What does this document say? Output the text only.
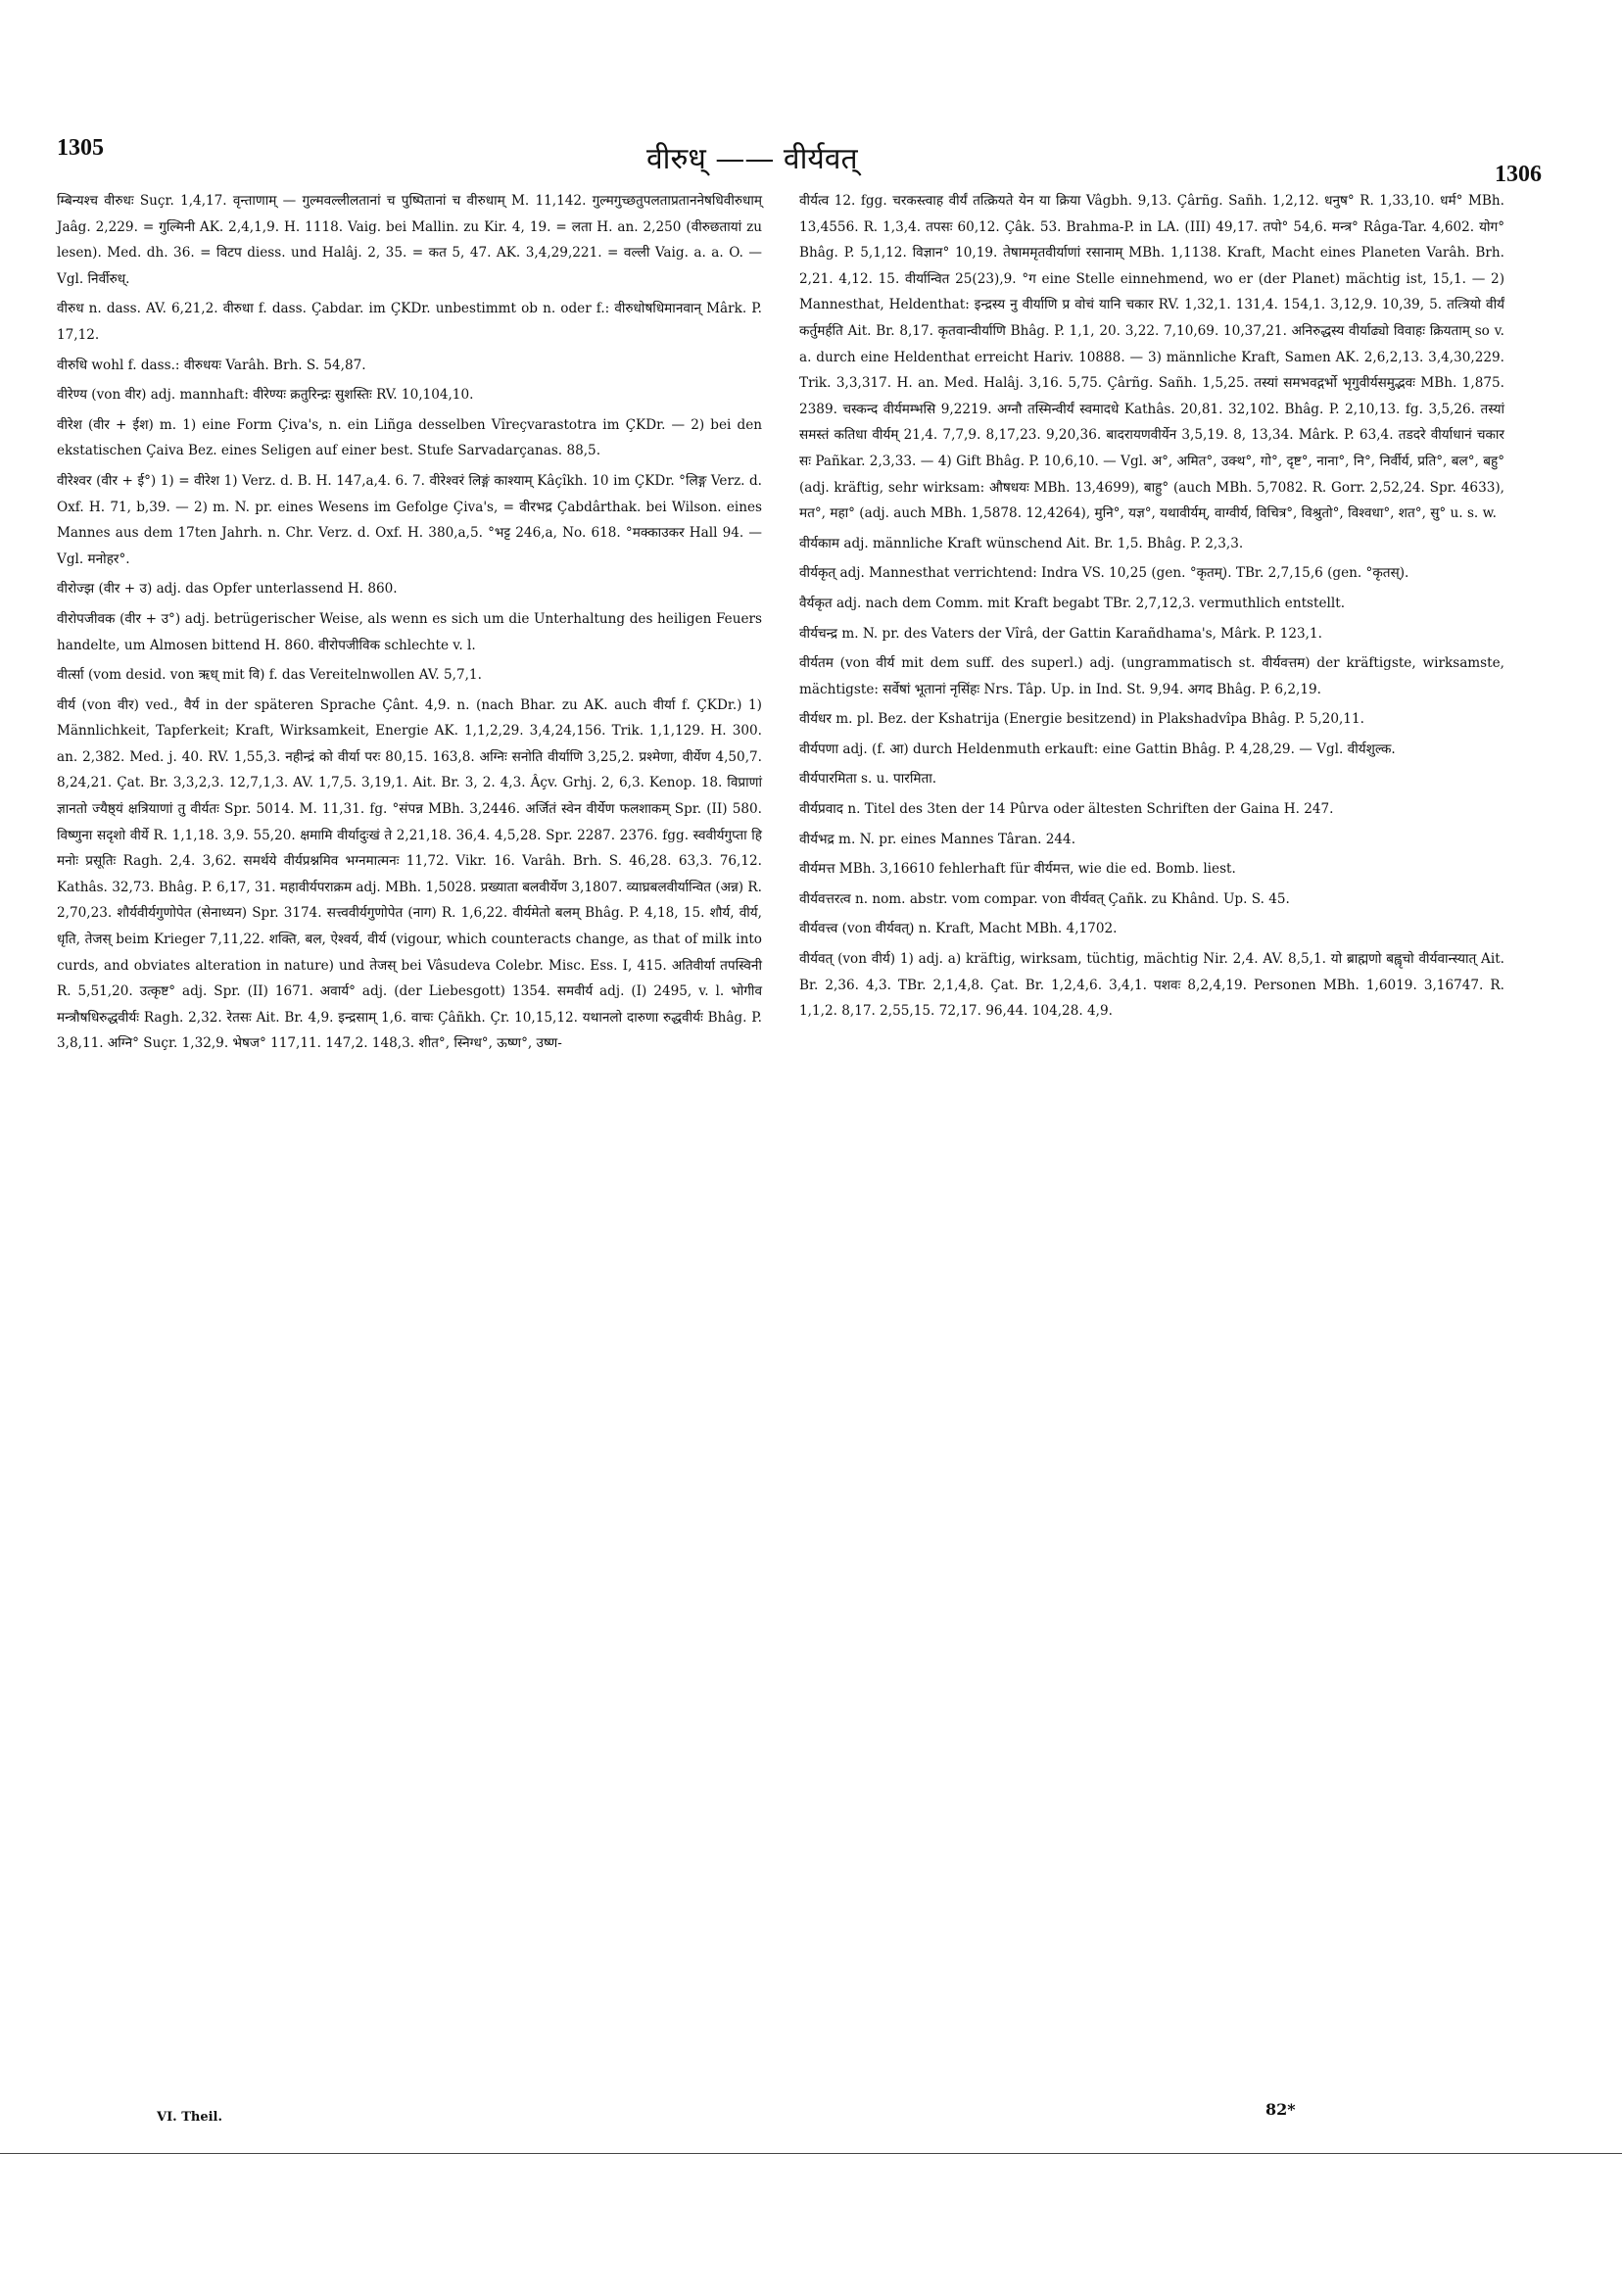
1305	वीरुध् —— वीर्यवत्	1306

म्बिन्यश्च वीरुधः Suçr. 1,4,17. वृन्ताणाम् — गुल्मवल्लीलतानां च पुष्पितानां च वीरुधाम् M. 11,142. गुल्मगुच्छतुपलताप्रताननेषधिवीरुधाम् Jaâg. 2,229. = गुल्मिनी AK. 2,4,1,9. H. 1118. Vaig. bei Mallin. zu Kir. 4, 19. = लता H. an. 2,250 (वीरुछतायां zu lesen). Med. dh. 36. = विटप diess. und Halâj. 2, 35. = कत 5, 47. AK. 3,4,29,221. = वल्ली Vaig. a. a. O. — Vgl. निर्वीरुध्.

वीरुध n. dass. AV. 6,21,2. वीरुधा f. dass. Çabdar. im ÇKDr. unbestimmt ob n. oder f.: वीरुधोषधिमानवान् Mârk. P. 17,12.

वीरुधि wohl f. dass.: वीरुधयः Varâh. Brh. S. 54,87.

वीरेण्य (von वीर) adj. mannhaft: वीरेण्यः क्रतुरिन्द्रः सुशस्तिः RV. 10,104,10.

वीरेश (वीर + ईश) m. 1) eine Form Çiva's, n. ein Liñga desselben Vîreçvarastotra im ÇKDr. — 2) bei den ekstatischen Çaiva Bez. eines Seligen auf einer best. Stufe Sarvadarçanas. 88,5.

वीरेश्वर (वीर + ई°) 1) = वीरेश 1) Verz. d. B. H. 147,a,4. 6. 7. वीरेश्वरं लिङ्गं काश्याम् Kâçîkh. 10 im ÇKDr. °लिङ्ग Verz. d. Oxf. H. 71, b,39. — 2) m. N. pr. eines Wesens im Gefolge Çiva's, = वीरभद्र Çabdârthak. bei Wilson. eines Mannes aus dem 17ten Jahrh. n. Chr. Verz. d. Oxf. H. 380,a,5. °भट्ट 246,a, No. 618. °मक्काउकर Hall 94. — Vgl. मनोहर°.

वीरोज्झ (वीर + उ) adj. das Opfer unterlassend H. 860.

वीरोपजीवक (वीर + उ°) adj. betrügerischer Weise, als wenn es sich um die Unterhaltung des heiligen Feuers handelte, um Almosen bittend H. 860. वीरोपजीविक schlechte v. l.

वीर्त्सा (vom desid. von ऋध् mit वि) f. das Vereitelnwollen AV. 5,7,1.

वीर्य (von वीर) ved., वैर्य in der späteren Sprache Çânt. 4,9. n. (nach Bhar. zu AK. auch वीर्या f. ÇKDr.) 1) Männlichkeit, Tapferkeit; Kraft, Wirksamkeit, Energie AK. 1,1,2,29. 3,4,24,156. Trik. 1,1,129. H. 300. an. 2,382. Med. j. 40. RV. 1,55,3. नहीन्द्रं को वीर्या परः 80,15. 163,8. अग्निः सनोति वीर्याणि 3,25,2. प्रश्मेणा, वीर्येण 4,50,7. 8,24,21. Çat. Br. 3,3,2,3. 12,7,1,3. AV. 1,7,5. 3,19,1. Ait. Br. 3, 2. 4,3. Âçv. Grhj. 2, 6,3. Kenop. 18. विप्राणां ज्ञानतो ज्यैष्ठ्यं क्षत्रियाणां तु वीर्यतः Spr. 5014. M. 11,31. fg. °संपन्न MBh. 3,2446. अर्जितं स्वेन वीर्येण फलशाकम् Spr. (II) 580. विष्णुना सदृशो वीर्ये R. 1,1,18. 3,9. 55,20. क्षमामि वीर्यादुःखं ते 2,21,18. 36,4. 4,5,28. Spr. 2287. 2376. fgg. स्ववीर्यगुप्ता हि मनोः प्रसूतिः Ragh. 2,4. 3,62. समर्थये वीर्यप्रश्नमिव भग्नमात्मनः 11,72. Vikr. 16. Varâh. Brh. S. 46,28. 63,3. 76,12. Kathâs. 32,73. Bhâg. P. 6,17, 31. महावीर्यपराक्रम adj. MBh. 1,5028. प्रख्याता बलवीर्येण 3,1807. व्याघ्रबलवीर्यान्वित (अन्न) R. 2,70,23. शौर्यवीर्यगुणोपेत (सेनाध्यन) Spr. 3174. सत्त्ववीर्यगुणोपेत (नाग) R. 1,6,22. वीर्यमेतो बलम् Bhâg. P. 4,18, 15. शौर्य, वीर्य, धृति, तेजस् beim Krieger 7,11,22. शक्ति, बल, ऐश्वर्य, वीर्य (vigour, which counteracts change, as that of milk into curds, and obviates alteration in nature) und तेजस् bei Vâsudeva Colebr. Misc. Ess. I, 415. अतिवीर्या तपस्विनी R. 5,51,20. उत्कृष्ट° adj. Spr. (II) 1671. अवार्य° adj. (der Liebesgott) 1354. समवीर्य adj. (I) 2495, v. l. भोगीव मन्त्रौषधिरुद्धवीर्यः Ragh. 2,32. रेतसः Ait. Br. 4,9. इन्द्रसाम् 1,6. वाचः Çâñkh. Çr. 10,15,12. यथानलो दारुणा रुद्धवीर्यः Bhâg. P. 3,8,11. अग्नि° Suçr. 1,32,9. भेषज° 117,11. 147,2. 148,3. शीत°, स्निग्ध°, ऊष्ण°, उष्ण-

वीर्यत्व 12. fgg. चरकस्त्वाह वीर्यं तत्क्रियते येन या क्रिया Vâgbh. 9,13. Çârñg. Sañh. 1,2,12. धनुष° R. 1,33,10. धर्म° MBh. 13,4556. R. 1,3,4. तपसः 60,12. Çâk. 53. Brahma-P. in LA. (III) 49,17. तपो° 54,6. मन्त्र° Râga-Tar. 4,602. योग° Bhâg. P. 5,1,12. विज्ञान° 10,19. तेषाममृतवीर्याणां रसानाम् MBh. 1,1138. Kraft, Macht eines Planeten Varâh. Brh. 2,21. 4,12. 15. वीर्यान्वित 25(23),9. °ग eine Stelle einnehmend, wo er (der Planet) mächtig ist, 15,1. — 2) Mannesthat, Heldenthat: इन्द्रस्य नु वीर्याणि प्र वोचं यानि चकार RV. 1,32,1. 131,4. 154,1. 3,12,9. 10,39, 5. तत्त्रियो वीर्यं कर्तुमर्हति Ait. Br. 8,17. कृतवान्वीर्याणि Bhâg. P. 1,1, 20. 3,22. 7,10,69. 10,37,21. अनिरुद्धस्य वीर्याढ्यो विवाहः क्रियताम् so v. a. durch eine Heldenthat erreicht Hariv. 10888. — 3) männliche Kraft, Samen AK. 2,6,2,13. 3,4,30,229. Trik. 3,3,317. H. an. Med. Halâj. 3,16. 5,75. Çârñg. Sañh. 1,5,25. तस्यां समभवद्गर्भो भृगुवीर्यसमुद्भवः MBh. 1,875. 2389. चस्कन्द वीर्यमम्भसि 9,2219. अग्नौ तस्मिन्वीर्यं स्वमादधे Kathâs. 20,81. 32,102. Bhâg. P. 2,10,13. fg. 3,5,26. तस्यां समस्तं कतिधा वीर्यम् 21,4. 7,7,9. 8,17,23. 9,20,36. बादरायणवीर्येन 3,5,19. 8, 13,34. Mârk. P. 63,4. तडदरे वीर्याधानं चकार सः Pañkar. 2,3,33. — 4) Gift Bhâg. P. 10,6,10. — Vgl. अ°, अमित°, उक्थ°, गो°, दृष्ट°, नाना°, नि°, निर्वीर्य, प्रति°, बल°, बहु° (adj. kräftig, sehr wirksam: औषधयः MBh. 13,4699), बाहु° (auch MBh. 5,7082. R. Gorr. 2,52,24. Spr. 4633), मत°, महा° (adj. auch MBh. 1,5878. 12,4264), मुनि°, यज्ञ°, यथावीर्यम्, वाग्वीर्य, विचित्र°, विश्रुतो°, विश्वधा°, शत°, सु° u. s. w.

वीर्यकाम adj. männliche Kraft wünschend Ait. Br. 1,5. Bhâg. P. 2,3,3.

वीर्यकृत् adj. Mannesthat verrichtend: Indra VS. 10,25 (gen. °कृतम्). TBr. 2,7,15,6 (gen. °कृतस्).

वैर्यकृत adj. nach dem Comm. mit Kraft begabt TBr. 2,7,12,3. vermuthlich entstellt.

वीर्यचन्द्र m. N. pr. des Vaters der Vîrâ, der Gattin Karañdhama's, Mârk. P. 123,1.

वीर्यतम (von वीर्य mit dem suff. des superl.) adj. (ungrammatisch st. वीर्यवत्तम) der kräftigste, wirksamste, mächtigste: सर्वेषां भूतानां नृसिंहः Nrs. Tâp. Up. in Ind. St. 9,94. अगद Bhâg. P. 6,2,19.

वीर्यधर m. pl. Bez. der Kshatrija (Energie besitzend) in Plakshadvîpa Bhâg. P. 5,20,11.

वीर्यपणा adj. (f. आ) durch Heldenmuth erkauft: eine Gattin Bhâg. P. 4,28,29. — Vgl. वीर्यशुल्क.

वीर्यपारमिता s. u. पारमिता.

वीर्यप्रवाद n. Titel des 3ten der 14 Pûrva oder ältesten Schriften der Gaina H. 247.

वीर्यभद्र m. N. pr. eines Mannes Târan. 244.

वीर्यमत्त MBh. 3,16610 fehlerhaft für वीर्यमत्त, wie die ed. Bomb. liest.

वीर्यवत्तरत्व n. nom. abstr. vom compar. von वीर्यवत् Çañk. zu Khând. Up. S. 45.

वीर्यवत्त्व (von वीर्यवत्) n. Kraft, Macht MBh. 4,1702.

वीर्यवत् (von वीर्य) 1) adj. a) kräftig, wirksam, tüchtig, mächtig Nir. 2,4. AV. 8,5,1. यो ब्राह्मणो बह्वृचो वीर्यवान्स्यात् Ait. Br. 2,36. 4,3. TBr. 2,1,4,8. Çat. Br. 1,2,4,6. 3,4,1. पशवः 8,2,4,19. Personen MBh. 1,6019. 3,16747. R. 1,1,2. 8,17. 2,55,15. 72,17. 96,44. 104,28. 4,9.

VI. Theil.	82*
